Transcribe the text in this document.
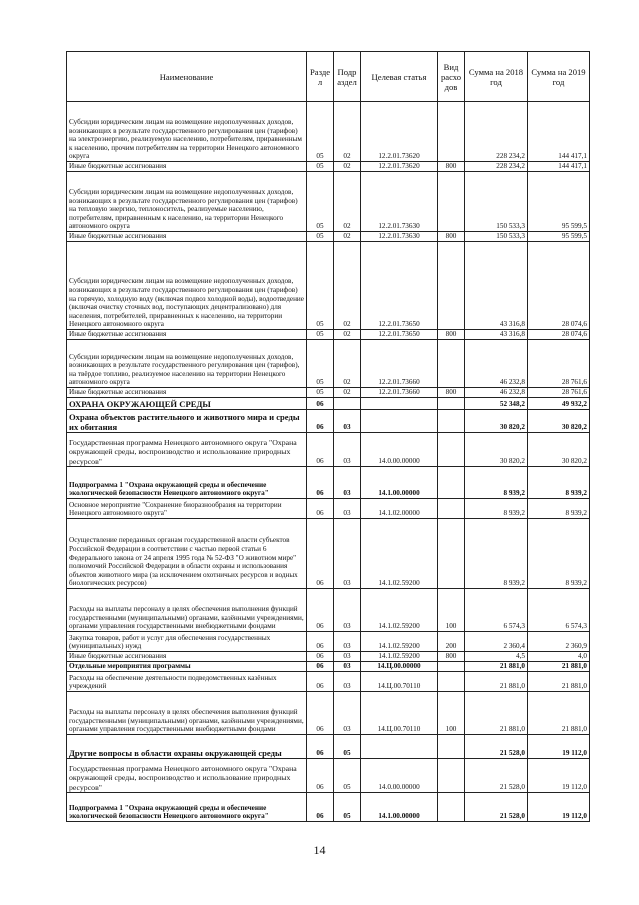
Наименование	Разде л	Подр аздел	Целевая статья	Вид расхо дов	Сумма на 2018 год	Сумма на 2019 год
Субсидии юридическим лицам на возмещение недополученных доходов, возникающих в результате государственного регулирования цен (тарифов) на электроэнергию, реализуемую населению, потребителям, приравненным к населению, прочим потребителям на территории Ненецкого автономного округа	05	02	12.2.01.73620		228 234,2	144 417,1
Иные бюджетные ассигнования	05	02	12.2.01.73620	800	228 234,2	144 417,1
Субсидии юридическим лицам на возмещение недополученных доходов, возникающих в результате государственного регулирования цен (тарифов) на тепловую энергию, теплоноситель, реализуемые населению, потребителям, приравненным к населению, на территории Ненецкого автономного округа	05	02	12.2.01.73630		150 533,3	95 599,5
Иные бюджетные ассигнования	05	02	12.2.01.73630	800	150 533,3	95 599,5
Субсидии юридическим лицам на возмещение недополученных доходов, возникающих в результате государственного регулирования цен (тарифов) на горячую, холодную воду (включая подвоз холодной воды), водоотведение (включая очистку сточных вод, поступающих децентрализовано) для населения, потребителей, приравненных к населению, на территории Ненецкого автономного округа	05	02	12.2.01.73650		43 316,8	28 074,6
Иные бюджетные ассигнования	05	02	12.2.01.73650	800	43 316,8	28 074,6
Субсидии юридическим лицам на возмещение недополученных доходов, возникающих в результате государственного регулирования цен (тарифов), на твёрдое топливо, реализуемое населению на территории Ненецкого автономного округа	05	02	12.2.01.73660		46 232,8	28 761,6
Иные бюджетные ассигнования	05	02	12.2.01.73660	800	46 232,8	28 761,6
ОХРАНА ОКРУЖАЮЩЕЙ СРЕДЫ	06				52 348,2	49 932,2
Охрана объектов растительного и животного мира и среды их обитания	06	03			30 820,2	30 820,2
Государственная программа Ненецкого автономного округа "Охрана окружающей среды, воспроизводство и использование природных ресурсов"	06	03	14.0.00.00000		30 820,2	30 820,2
Подпрограмма 1 "Охрана окружающей среды и обеспечение экологической безопасности Ненецкого автономного округа"	06	03	14.1.00.00000		8 939,2	8 939,2
Основное мероприятие "Сохранение биоразнообразия на территории Ненецкого автономного округа"	06	03	14.1.02.00000		8 939,2	8 939,2
Осуществление переданных органам государственной власти субъектов Российской Федерации в соответствии с частью первой статьи 6 Федерального закона от 24 апреля 1995 года № 52-ФЗ "О животном мире" полномочий Российской Федерации в области охраны и использования объектов животного мира (за исключением охотничьих ресурсов и водных биологических ресурсов)	06	03	14.1.02.59200		8 939,2	8 939,2
Расходы на выплаты персоналу в целях обеспечения выполнения функций государственными (муниципальными) органами, казёнными учреждениями, органами управления государственными внебюджетными фондами	06	03	14.1.02.59200	100	6 574,3	6 574,3
Закупка товаров, работ и услуг для обеспечения государственных (муниципальных) нужд	06	03	14.1.02.59200	200	2 360,4	2 360,9
Иные бюджетные ассигнования	06	03	14.1.02.59200	800	4,5	4,0
Отдельные мероприятия программы	06	03	14.Ц.00.00000		21 881,0	21 881,0
Расходы на обеспечение деятельности подведомственных казённых учреждений	06	03	14.Ц.00.70110		21 881,0	21 881,0
Расходы на выплаты персоналу в целях обеспечения выполнения функций государственными (муниципальными) органами, казёнными учреждениями, органами управления государственными внебюджетными фондами	06	03	14.Ц.00.70110	100	21 881,0	21 881,0
Другие вопросы в области охраны окружающей среды	06	05			21 528,0	19 112,0
Государственная программа Ненецкого автономного округа "Охрана окружающей среды, воспроизводство и использование природных ресурсов"	06	05	14.0.00.00000		21 528,0	19 112,0
Подпрограмма 1 "Охрана окружающей среды и обеспечение экологической безопасности Ненецкого автономного округа"	06	05	14.1.00.00000		21 528,0	19 112,0
14
